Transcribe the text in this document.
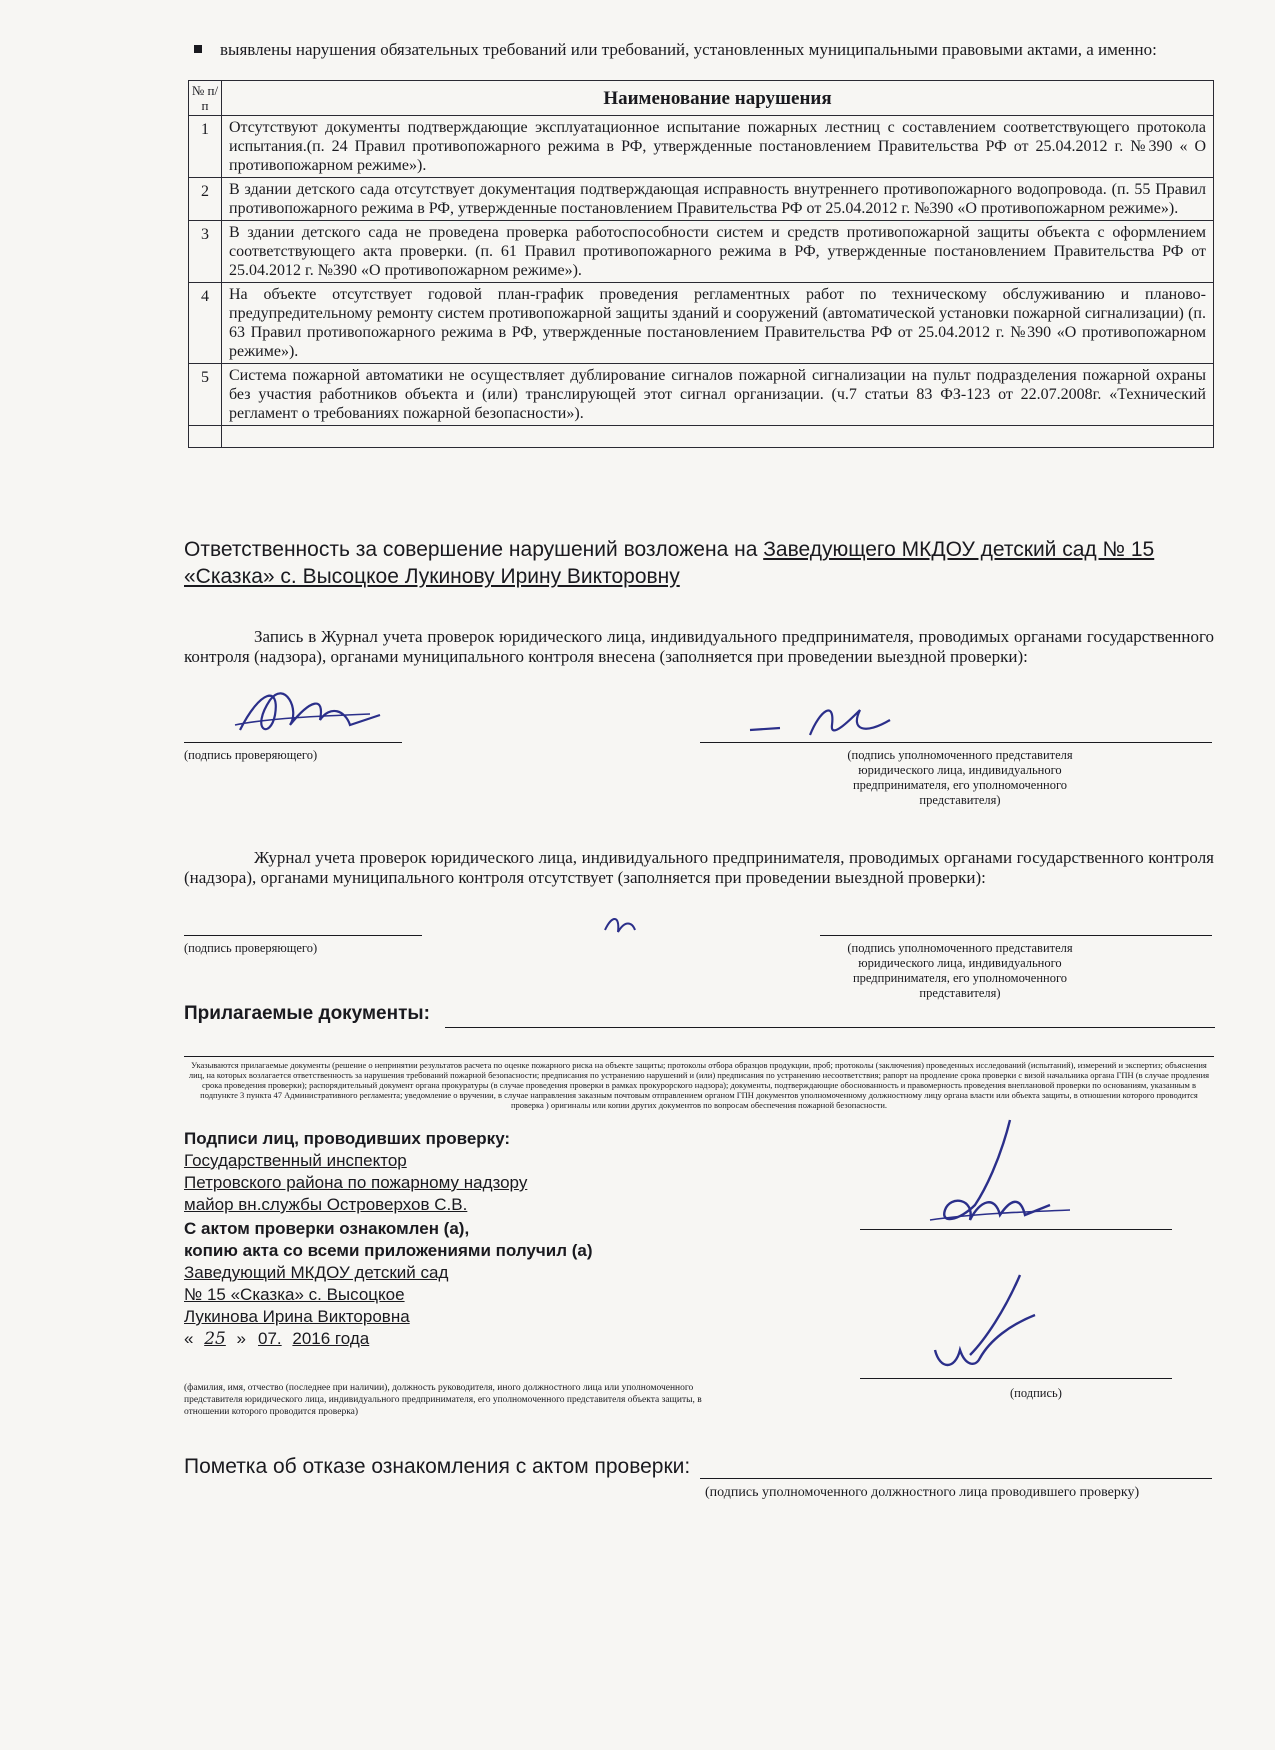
выявлены нарушения обязательных требований или требований, установленных муниципальными правовыми актами, а именно:
№ п/п	Наименование нарушения
1	Отсутствуют документы подтверждающие эксплуатационное испытание пожарных лестниц с составлением соответствующего протокола испытания.(п. 24 Правил противопожарного режима в РФ, утвержденные постановлением Правительства РФ от 25.04.2012 г. №390 « О противопожарном режиме»).
2	В здании детского сада отсутствует документация подтверждающая исправность внутреннего противопожарного водопровода. (п. 55 Правил противопожарного режима в РФ, утвержденные постановлением Правительства РФ от 25.04.2012 г. №390 «О противопожарном режиме»).
3	В здании детского сада не проведена проверка работоспособности систем и средств противопожарной защиты объекта с оформлением соответствующего акта проверки. (п. 61 Правил противопожарного режима в РФ, утвержденные постановлением Правительства РФ от 25.04.2012 г. №390 «О противопожарном режиме»).
4	На объекте отсутствует годовой план-график проведения регламентных работ по техническому обслуживанию и планово-предупредительному ремонту систем противопожарной защиты зданий и сооружений (автоматической установки пожарной сигнализации) (п. 63 Правил противопожарного режима в РФ, утвержденные постановлением Правительства РФ от 25.04.2012 г. №390 «О противопожарном режиме»).
5	Система пожарной автоматики не осуществляет дублирование сигналов пожарной сигнализации на пульт подразделения пожарной охраны без участия работников объекта и (или) транслирующей этот сигнал организации. (ч.7 статьи 83 ФЗ-123 от 22.07.2008г. «Технический регламент о требованиях пожарной безопасности»).

Ответственность за совершение нарушений возложена на Заведующего МКДОУ детский сад № 15 «Сказка» с. Высоцкое Лукинову Ирину Викторовну
Запись в Журнал учета проверок юридического лица, индивидуального предпринимателя, проводимых органами государственного контроля (надзора), органами муниципального контроля внесена (заполняется при проведении выездной проверки):
(подпись проверяющего)	(подпись уполномоченного представителя юридического лица, индивидуального предпринимателя, его уполномоченного представителя)
Журнал учета проверок юридического лица, индивидуального предпринимателя, проводимых органами государственного контроля (надзора), органами муниципального контроля отсутствует (заполняется при проведении выездной проверки):
(подпись проверяющего)	(подпись уполномоченного представителя юридического лица, индивидуального предпринимателя, его уполномоченного представителя)
Прилагаемые документы:
Указываются прилагаемые документы (решение о непринятии результатов расчета по оценке пожарного риска на объекте защиты; протоколы отбора образцов продукции, проб; протоколы (заключения) проведенных исследований (испытаний), измерений и экспертиз; объяснения лиц, на которых возлагается ответственность за нарушения требований пожарной безопасности; предписания по устранению нарушений и (или) предписания по устранению несоответствия; рапорт на продление срока проверки с визой начальника органа ГПН (в случае продления срока проведения проверки); распорядительный документ органа прокуратуры (в случае проведения проверки в рамках прокурорского надзора); документы, подтверждающие обоснованность и правомерность проведения внеплановой проверки по основаниям, указанным в подпункте 3 пункта 47 Административного регламента; уведомление о вручении, в случае направления заказным почтовым отправлением органом ГПН документов уполномоченному должностному лицу органа власти или объекта защиты, в отношении которого проводится проверка ) оригиналы или копии других документов по вопросам обеспечения пожарной безопасности.
Подписи лиц, проводивших проверку:
Государственный инспектор
Петровского района по пожарному надзору
майор вн.службы Островерхов С.В.
С актом проверки ознакомлен (а),
копию акта со всеми приложениями получил (а)
Заведующий МКДОУ детский сад
№ 15 «Сказка» с. Высоцкое
Лукинова Ирина Викторовна
« 25 » 07. 2016 года
(подпись)
(фамилия, имя, отчество (последнее при наличии), должность руководителя, иного должностного лица или уполномоченного представителя юридического лица, индивидуального предпринимателя, его уполномоченного представителя объекта защиты, в отношении которого проводится проверка)
Пометка об отказе ознакомления с актом проверки:
(подпись уполномоченного должностного лица проводившего проверку)
